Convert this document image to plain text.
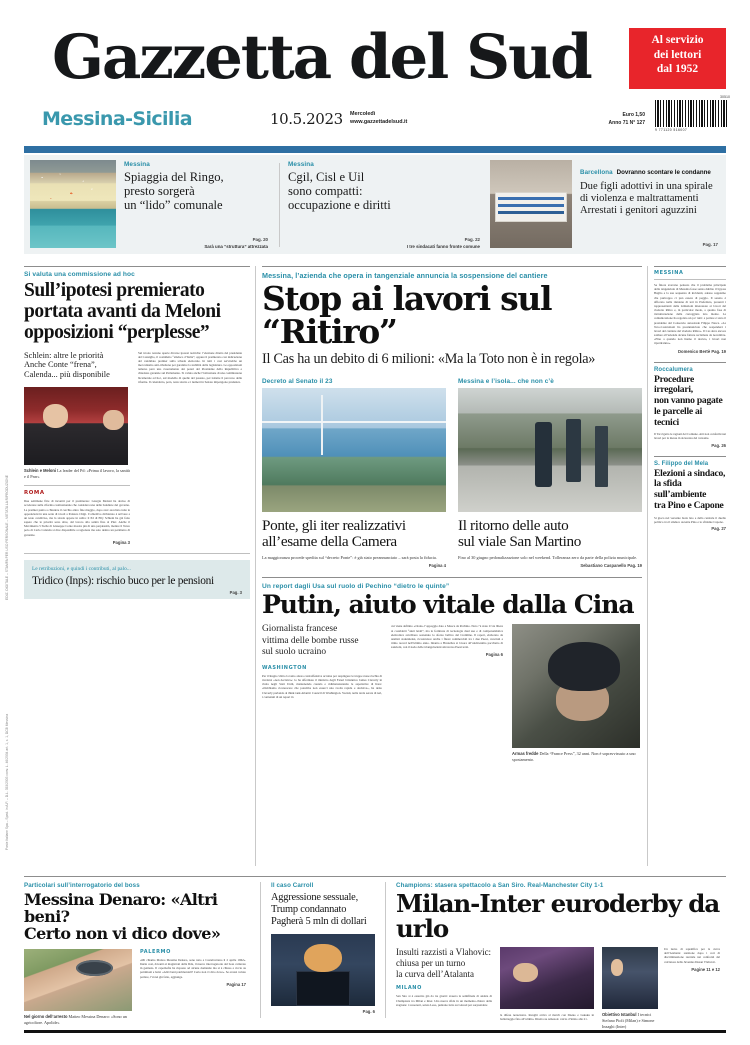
Gazzetta del Sud	Al servizio
dei lettori
dal 1952
Messina-Sicilia	10.5.2023 Mercoledì
www.gazzettadelsud.it
Euro 1,50
Anno 71 N° 127
30510
9 771120 516007
Messina
Spiaggia del Ringo,
presto sorgerà
un “lido” comunale
Pag. 20
Sarà una “struttura” attrezzata
Messina
Cgil, Cisl e Uil
sono compatti:
occupazione e diritti
Pag. 22
I tre sindacati fanno fronte comune
Barcellona Dovranno scontare le condanne
Due figli adottivi in una spirale
di violenza e maltrattamenti
Arrestati i genitori aguzzini
Pag. 17
Si valuta una commissione ad hoc
Sull’ipotesi premierato
portata avanti da Meloni
opposizioni “perplesse”
Schlein: altre le priorità
Anche Conte “frena”,
Calenda... più disponibile
Schlein e Meloni La leader del Pd: «Prima il lavoro, la sanità e il Pnrr»
ROMA
Due settimane fitte di incontri per il premierato: Giorgia Meloni ha deciso di accelerare sulla riforma costituzionale che considera una delle bandiere del governo. La premier punta a chiudere il cerchio entro fine maggio, dopo aver ascoltato tutte le opposizioni in una serie di tavoli a Palazzo Chigi. L’obiettivo dichiarato è arrivare a un testo condiviso, ma la strada appare in salita: il Pd di Elly Schlein ha già fatto sapere che le priorità sono altre, dal lavoro alla sanità fino al Pnrr. Anche il Movimento 5 Stelle di Giuseppe Conte mostra più di una perplessità, mentre il Terzo polo di Carlo Calenda si dice disponibile a ragionare ma solo dentro un perimetro di garanzie.
Pagina 3
Sul tavolo restano aperte diverse ipotesi tecniche: l’elezione diretta del presidente del Consiglio, il cosiddetto “sindaco d’Italia”, oppure il premierato con indicazione del candidato premier sulla scheda elettorale. In tutti i casi servirebbe un meccanismo anti-ribaltone per garantire la stabilità della legislatura. Le opposizioni temono però uno svuotamento dei poteri del Presidente della Repubblica e chiedono garanzie sul Parlamento. Si valuta anche l’istituzione di una commissione bicamerale ad hoc, sul modello di quelle del passato, per istruire il percorso delle riforme. Il calendario, però, resta stretto e i numeri in Senato impongono prudenza.
Le retribuzioni, e quindi i contributi, al palo...
Tridico (Inps): rischio buco per le pensioni
Pag. 3
Messina, l’azienda che opera in tangenziale annuncia la sospensione del cantiere
Stop ai lavori sul “Ritiro”
Il Cas ha un debito di 6 milioni: «Ma la Toto non è in regola»
Decreto al Senato il 23
Ponte, gli iter realizzativi
all’esame della Camera
La maggioranza procede spedita sul “decreto Ponte”: è già stato preannunciato – sarà posta la fiducia.
Pagina 4
Messina e l’isola... che non c’è
Il ritorno delle auto
sul viale San Martino
Fino al 30 giugno pedonalizzazione solo nel weekend. Tolleranza zero da parte della polizia municipale.
Sebastiano Caspanello Pag. 19
Un report dagli Usa sul ruolo di Pechino “dietro le quinte”
Putin, aiuto vitale dalla Cina
Giornalista francese
vittima delle bombe russe
sul suolo ucraino
WASHINGTON
Per il Regno Unito la tanto attesa controffensiva ucraina per respingere le truppe russe rischia di rivelarsi «non decisiva»: lo ha affermato il ministro degli Esteri britannico James Cleverly in visita negli Stati Uniti, mantenendo cautela e ridimensionando le aspettative di Kiev. «Dobbiamo riconoscere che potrebbe non esserci una svolta rapida e decisiva», ha detto Cleverly parlando al think tank Atlantic Council di Washington. Svelati, nella tarda serata di ieri, i contenuti di un report in
cui viene definito «vitale» l’appoggio dato a Mosca da Pechino. Non c’è stato il via libera ai cosiddetti “aiuti letali”, ma le forniture di tecnologia dual use e di componentistica elettronica avrebbero sostenuto lo sforzo bellico del Cremlino. Il report, elaborato da analisti statunitensi, ricostruisce anche i flussi commerciali tra i due Paesi, cresciuti a ritmo record nell’ultimo anno. Intanto a Bruxelles si lavora all’undicesimo pacchetto di sanzioni, con il nodo delle triangolazioni attraverso Paesi terzi.
Pagina 6
Armas fredde Della “France Press”, 32 anni. Non è sopravvissuto a uno spostamento.
MESSINA
Se finora avevano pensato che il problema principale della tangenziale di Messina fosse senza dubbio il bypass Buglio e la sua sequenza di incidenti, adesso sappiamo che purtroppo ci può essere di peggio. Il sereno è affiorato nella riunione di ieri in Prefettura, presenti i rappresentanti delle istituzioni interessate ai lavori del viadotto Ritiro e, in particolar modo, a quanto fase di ristrutturazione della carreggiata lato monte. La comunicazione ha regolato un po’ tutti: a parlare è stato il presidente del Consorzio autostrade Filippo Nasca. «La Toto-Costruzioni ha preannunciato che sospenderà i lavori del cantiere del viadotto Ritiro». Il Cas deve ancora saldare all’azienda alcune fatture reclamate da novembre. «Fino a quando non hanno il dovuto, i lavori non ripartiranno».
Domenico Bertè Pag. 19
Roccalumera
Procedure irregolari,
non vanno pagate
le parcelle ai tecnici
Il Tar rigetta le ragioni del Comune. Atti non conformi nei lavori per la messa in sicurezza del versante.
Pag. 26
S. Filippo del Mela
Elezioni a sindaco,
la sfida sull’ambiente
tra Pino e Capone
Si gioca nel versante Isola lato e della centrale il duello politico tra il sindaco uscente Pino e lo sfidante Capone.
Pag. 27
Particolari sull’interrogatorio del boss
Messina Denaro: «Altri beni?
Certo non vi dico dove»
Nel giorno dell’arresto Matteo Messina Denaro: «Sono un agricoltore. Apolide»
PALERMO
«Mi chiamo Matteo Messina Denaro, sono nato a Castelvetrano il 2 aprile 1962». Inizia così, davanti ai magistrati della Dda, il nuovo interrogatorio del boss catturato in gennaio. Il capomafia ha risposto ad alcune domande ma si è chiuso a riccio su patrimoni e beni: «Altri beni patrimoniali? Certo non vi dico dove». Se avessi voluto parlare, l’avrei già fatto, aggiunge.
Pagina 17
Il caso Carroll
Aggressione sessuale,
Trump condannato
Pagherà 5 mln di dollari
Pag. 6
Champions: stasera spettacolo a San Siro. Real-Manchester City 1-1
Milan-Inter euroderby da urlo
Insulti razzisti a Vlahovic:
chiusa per un turno
la curva dell’Atalanta
MILANO
San Siro si è esaurito già da tre giorni: stasera la semifinale di andata di Champions tra Milan e Inter. Una nuova sfida in un momento-chiave della stagione: i rossoneri, senza Leao, puntano tutto su Giroud per sorprendere
la difesa nerazzurra. Inzaghi arriva al match con Dzeko e Lukaku in ballottaggio fino all’ultimo. Diretta su Amazon: calcio d’inizio alle 21.
Obiettivo Istanbul I tecnici Stefano Pioli (Milan) e Simone Inzaghi (Inter)
Un turno di squalifica per la curva dell’Atalanta: sanzione dopo i cori di discriminazione razziale nei confronti del calciatore della Juventus Dusan Vlahovic.
Pagine 11 e 12
EDIZ. DIGITALE – STAMPA PER USO PERSONALE – VIETATA LA RIPRODUZIONE
Poste Italiane Spa – Sped. in A.P. – D.L. 353/2003 conv. L. 46/2004 art. 1, c. 1, DCB Messina
